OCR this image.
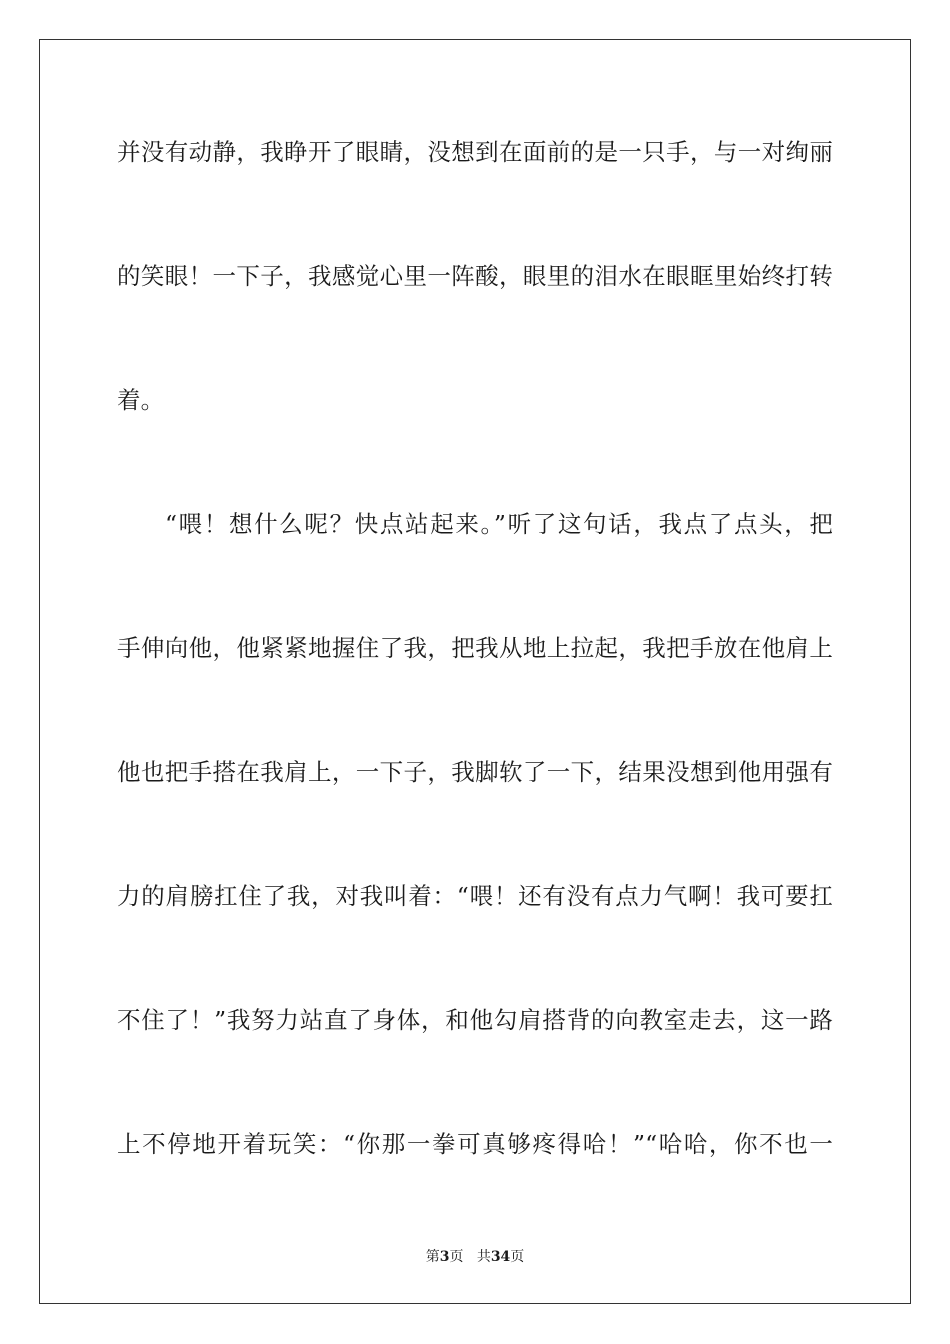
并没有动静，我睁开了眼睛，没想到在面前的是一只手，与一对绚丽
的笑眼！一下子，我感觉心里一阵酸，眼里的泪水在眼眶里始终打转
着。
“喂！想什么呢？快点站起来。”听了这句话，我点了点头，把
手伸向他，他紧紧地握住了我，把我从地上拉起，我把手放在他肩上
他也把手搭在我肩上，一下子，我脚软了一下，结果没想到他用强有
力的肩膀扛住了我，对我叫着：“喂！还有没有点力气啊！我可要扛
不住了！”我努力站直了身体，和他勾肩搭背的向教室走去，这一路
上不停地开着玩笑：“你那一拳可真够疼得哈！”“哈哈，你不也一
第3页 共34页
